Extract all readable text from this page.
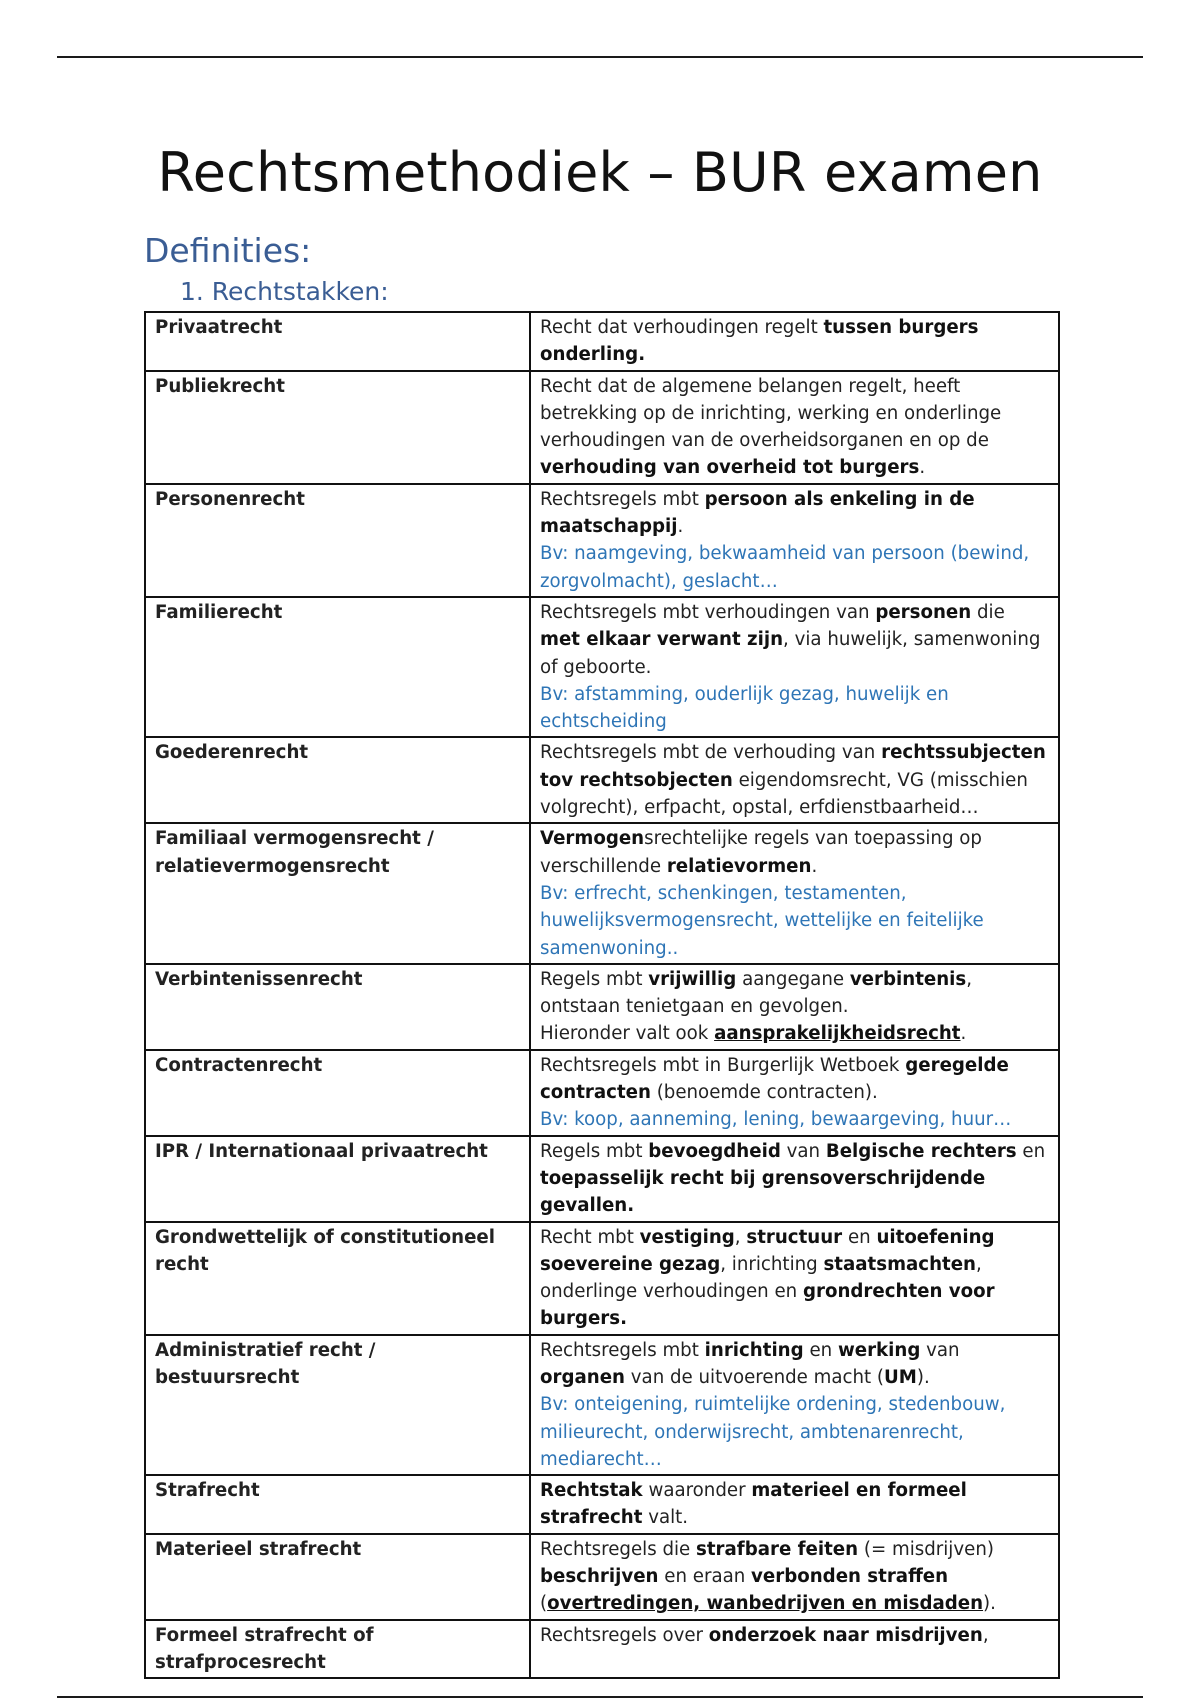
Rechtsmethodiek – BUR examen
Definities:
1. Rechtstakken:
Privaatrecht	Recht dat verhoudingen regelt tussen burgers onderling.

Publiekrecht	Recht dat de algemene belangen regelt, heeft betrekking op de inrichting, werking en onderlinge verhoudingen van de overheidsorganen en op de verhouding van overheid tot burgers.

Personenrecht	Rechtsregels mbt persoon als enkeling in de maatschappij.
Bv: naamgeving, bekwaamheid van persoon (bewind, zorgvolmacht), geslacht…

Familierecht	Rechtsregels mbt verhoudingen van personen die met elkaar verwant zijn, via huwelijk, samenwoning of geboorte.
Bv: afstamming, ouderlijk gezag, huwelijk en echtscheiding

Goederenrecht	Rechtsregels mbt de verhouding van rechtssubjecten tov rechtsobjecten eigendomsrecht, VG (misschien volgrecht), erfpacht, opstal, erfdienstbaarheid…

Familiaal vermogensrecht / relatievermogensrecht	Vermogensrechtelijke regels van toepassing op verschillende relatievormen.
Bv: erfrecht, schenkingen, testamenten, huwelijksvermogensrecht, wettelijke en feitelijke samenwoning..

Verbintenissenrecht	Regels mbt vrijwillig aangegane verbintenis, ontstaan tenietgaan en gevolgen.
Hieronder valt ook aansprakelijkheidsrecht.

Contractenrecht	Rechtsregels mbt in Burgerlijk Wetboek geregelde contracten (benoemde contracten).
Bv: koop, aanneming, lening, bewaargeving, huur…

IPR / Internationaal privaatrecht	Regels mbt bevoegdheid van Belgische rechters en toepasselijk recht bij grensoverschrijdende gevallen.

Grondwettelijk of constitutioneel recht	Recht mbt vestiging, structuur en uitoefening soevereine gezag, inrichting staatsmachten, onderlinge verhoudingen en grondrechten voor burgers.

Administratief recht / bestuursrecht	Rechtsregels mbt inrichting en werking van organen van de uitvoerende macht (UM).
Bv: onteigening, ruimtelijke ordening, stedenbouw, milieurecht, onderwijsrecht, ambtenarenrecht, mediarecht…

Strafrecht	Rechtstak waaronder materieel en formeel strafrecht valt.

Materieel strafrecht	Rechtsregels die strafbare feiten (= misdrijven) beschrijven en eraan verbonden straffen (overtredingen, wanbedrijven en misdaden).

Formeel strafrecht of strafprocesrecht	Rechtsregels over onderzoek naar misdrijven,
